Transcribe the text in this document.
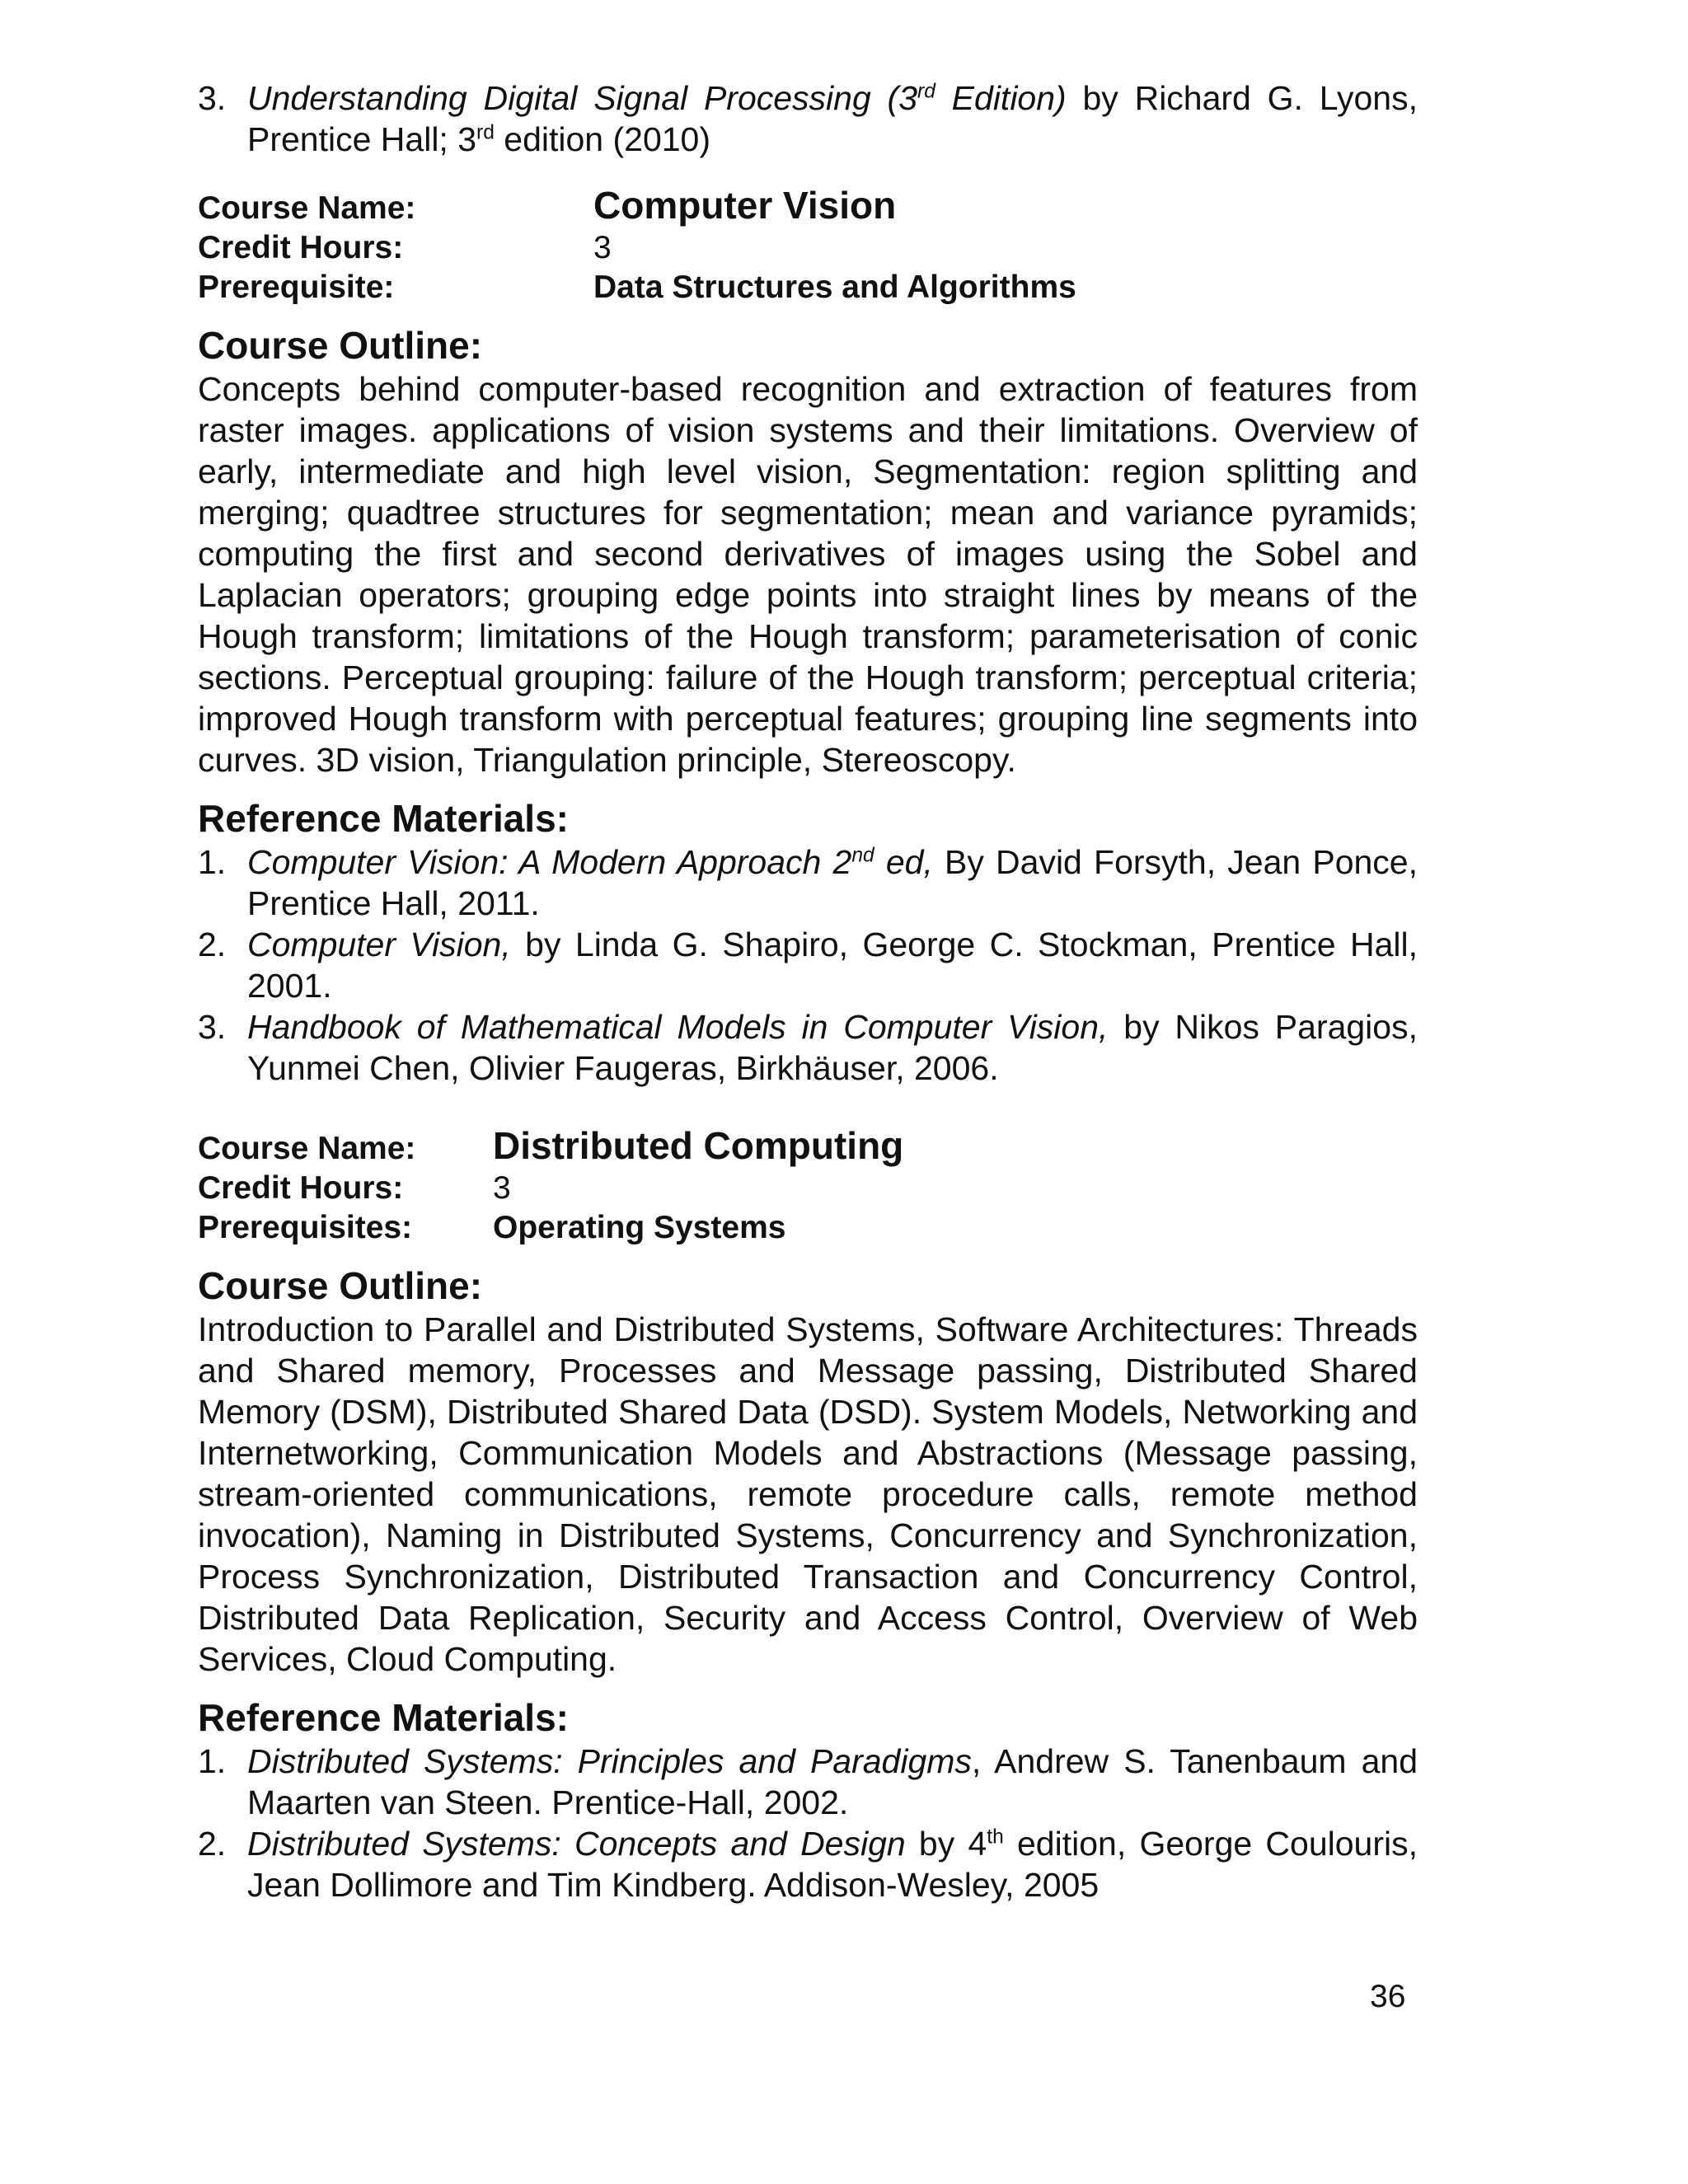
3. Understanding Digital Signal Processing (3rd Edition) by Richard G. Lyons, Prentice Hall; 3rd edition (2010)
Course Name:	Computer Vision
Credit Hours:	3
Prerequisite:	Data Structures and Algorithms
Course Outline:
Concepts behind computer-based recognition and extraction of features from raster images. applications of vision systems and their limitations. Overview of early, intermediate and high level vision, Segmentation: region splitting and merging; quadtree structures for segmentation; mean and variance pyramids; computing the first and second derivatives of images using the Sobel and Laplacian operators; grouping edge points into straight lines by means of the Hough transform; limitations of the Hough transform; parameterisation of conic sections. Perceptual grouping: failure of the Hough transform; perceptual criteria; improved Hough transform with perceptual features; grouping line segments into curves. 3D vision, Triangulation principle, Stereoscopy.
Reference Materials:
1. Computer Vision: A Modern Approach 2nd ed, By David Forsyth, Jean Ponce, Prentice Hall, 2011.
2. Computer Vision, by Linda G. Shapiro, George C. Stockman, Prentice Hall, 2001.
3. Handbook of Mathematical Models in Computer Vision, by Nikos Paragios, Yunmei Chen, Olivier Faugeras, Birkhäuser, 2006.
Course Name:	Distributed Computing
Credit Hours:	3
Prerequisites:	Operating Systems
Course Outline:
Introduction to Parallel and Distributed Systems, Software Architectures: Threads and Shared memory, Processes and Message passing, Distributed Shared Memory (DSM), Distributed Shared Data (DSD). System Models, Networking and Internetworking, Communication Models and Abstractions (Message passing, stream-oriented communications, remote procedure calls, remote method invocation), Naming in Distributed Systems, Concurrency and Synchronization, Process Synchronization, Distributed Transaction and Concurrency Control, Distributed Data Replication, Security and Access Control, Overview of Web Services, Cloud Computing.
Reference Materials:
1. Distributed Systems: Principles and Paradigms, Andrew S. Tanenbaum and Maarten van Steen. Prentice-Hall, 2002.
2. Distributed Systems: Concepts and Design by 4th edition, George Coulouris, Jean Dollimore and Tim Kindberg. Addison-Wesley, 2005
36
